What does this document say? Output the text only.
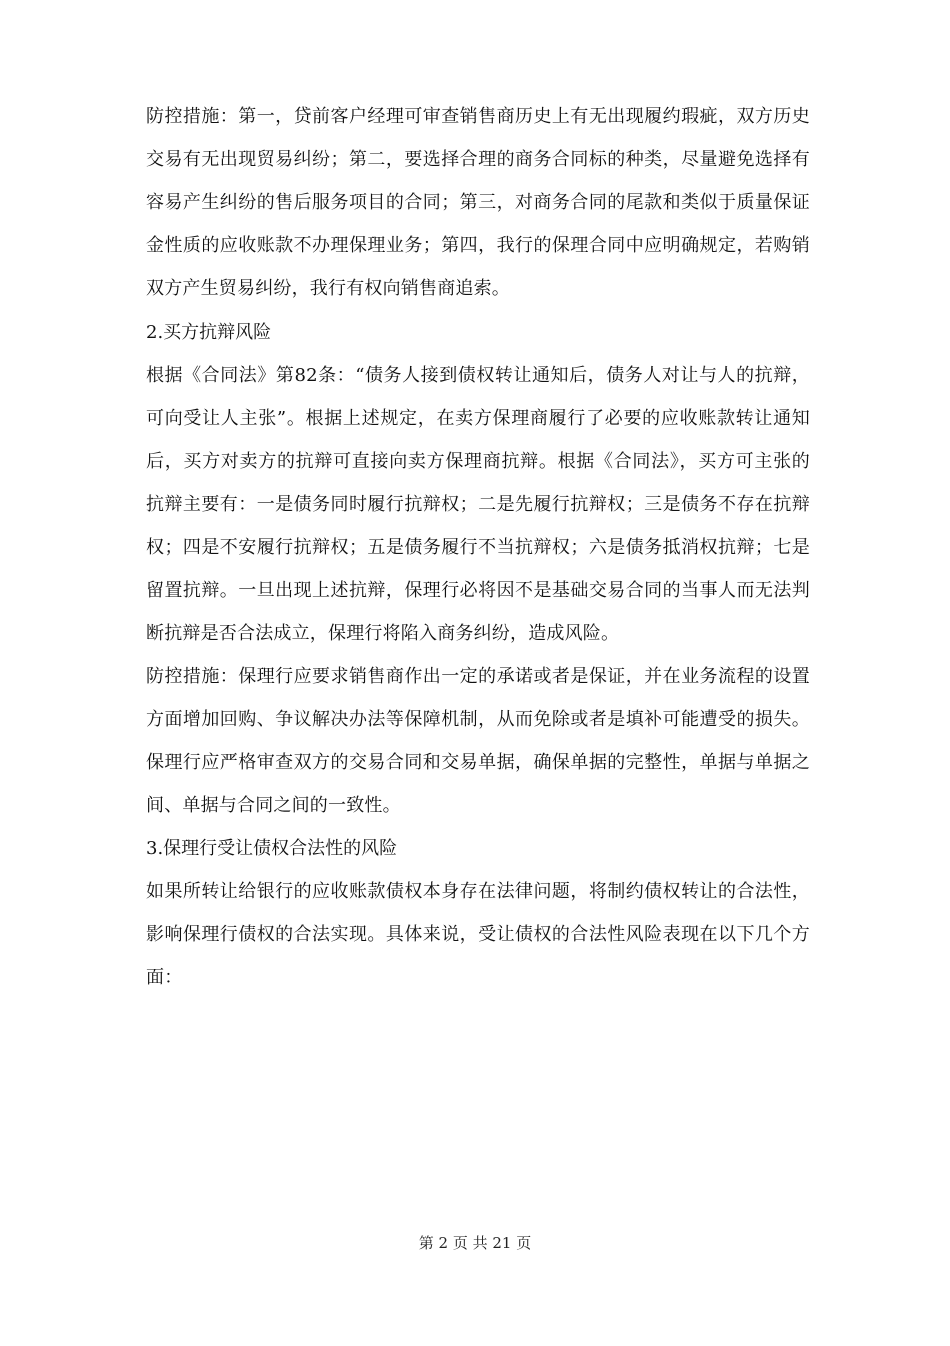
防控措施：第一，贷前客户经理可审查销售商历史上有无出现履约瑕疵，双方历史交易有无出现贸易纠纷；第二，要选择合理的商务合同标的种类，尽量避免选择有容易产生纠纷的售后服务项目的合同；第三，对商务合同的尾款和类似于质量保证金性质的应收账款不办理保理业务；第四，我行的保理合同中应明确规定，若购销双方产生贸易纠纷，我行有权向销售商追索。

2.买方抗辩风险

根据《合同法》第82条：“债务人接到债权转让通知后，债务人对让与人的抗辩，可向受让人主张”。根据上述规定，在卖方保理商履行了必要的应收账款转让通知后，买方对卖方的抗辩可直接向卖方保理商抗辩。根据《合同法》，买方可主张的抗辩主要有：一是债务同时履行抗辩权；二是先履行抗辩权；三是债务不存在抗辩权；四是不安履行抗辩权；五是债务履行不当抗辩权；六是债务抵消权抗辩；七是留置抗辩。一旦出现上述抗辩，保理行必将因不是基础交易合同的当事人而无法判断抗辩是否合法成立，保理行将陷入商务纠纷，造成风险。

防控措施：保理行应要求销售商作出一定的承诺或者是保证，并在业务流程的设置方面增加回购、争议解决办法等保障机制，从而免除或者是填补可能遭受的损失。保理行应严格审查双方的交易合同和交易单据，确保单据的完整性，单据与单据之间、单据与合同之间的一致性。

3.保理行受让债权合法性的风险

如果所转让给银行的应收账款债权本身存在法律问题，将制约债权转让的合法性，影响保理行债权的合法实现。具体来说，受让债权的合法性风险表现在以下几个方面：

第 2 页 共 21 页
